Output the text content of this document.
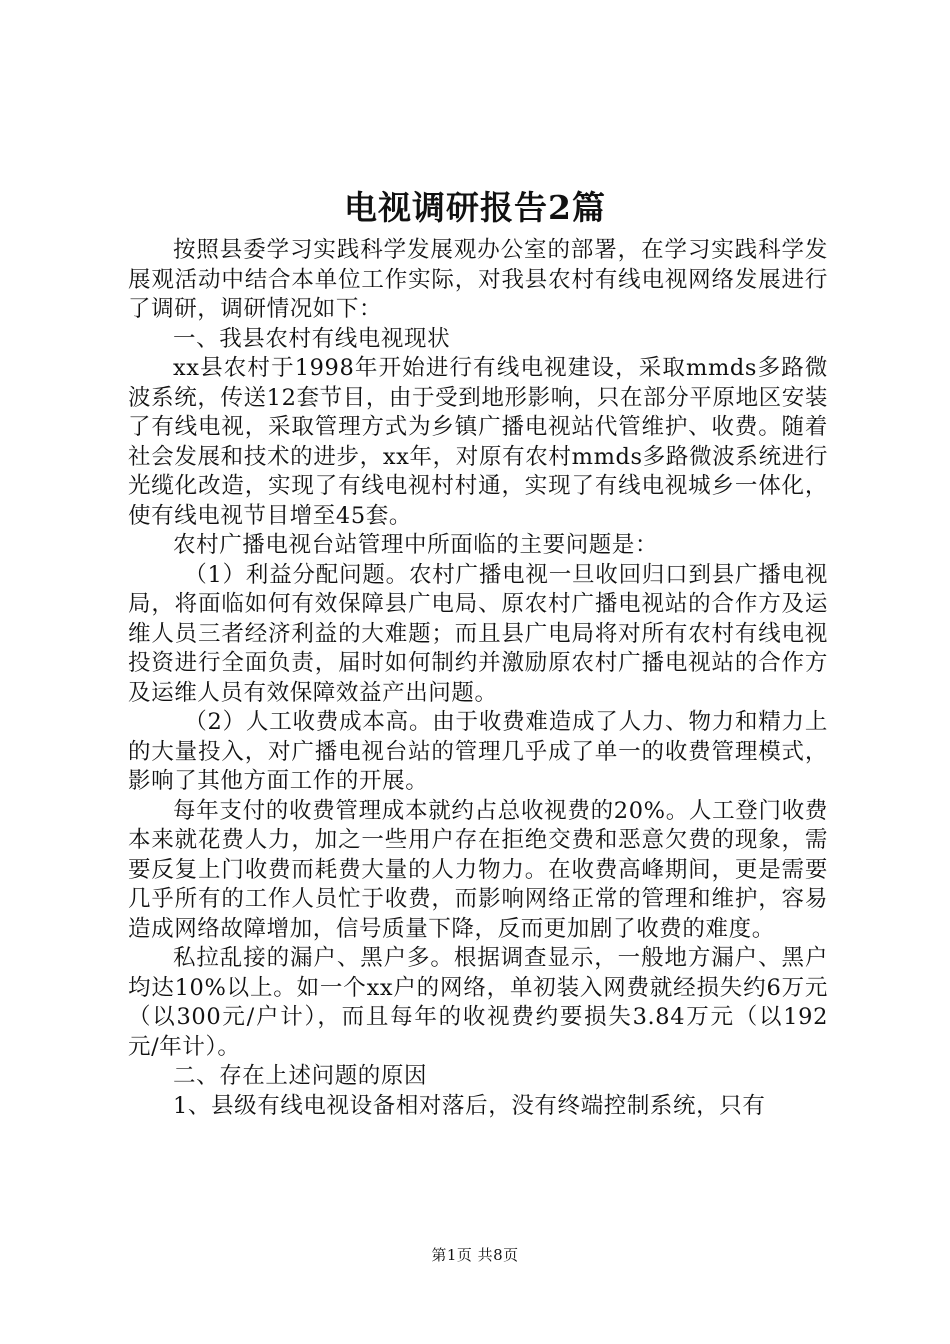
电视调研报告2篇

按照县委学习实践科学发展观办公室的部署，在学习实践科学发展观活动中结合本单位工作实际，对我县农村有线电视网络发展进行了调研，调研情况如下：

一、我县农村有线电视现状

xx县农村于1998年开始进行有线电视建设，采取mmds多路微波系统，传送12套节目，由于受到地形影响，只在部分平原地区安装了有线电视，采取管理方式为乡镇广播电视站代管维护、收费。随着社会发展和技术的进步，xx年，对原有农村mmds多路微波系统进行光缆化改造，实现了有线电视村村通，实现了有线电视城乡一体化，使有线电视节目增至45套。

农村广播电视台站管理中所面临的主要问题是：

（1）利益分配问题。农村广播电视一旦收回归口到县广播电视局，将面临如何有效保障县广电局、原农村广播电视站的合作方及运维人员三者经济利益的大难题；而且县广电局将对所有农村有线电视投资进行全面负责，届时如何制约并激励原农村广播电视站的合作方及运维人员有效保障效益产出问题。

（2）人工收费成本高。由于收费难造成了人力、物力和精力上的大量投入，对广播电视台站的管理几乎成了单一的收费管理模式，影响了其他方面工作的开展。

每年支付的收费管理成本就约占总收视费的20%。人工登门收费本来就花费人力，加之一些用户存在拒绝交费和恶意欠费的现象，需要反复上门收费而耗费大量的人力物力。在收费高峰期间，更是需要几乎所有的工作人员忙于收费，而影响网络正常的管理和维护，容易造成网络故障增加，信号质量下降，反而更加剧了收费的难度。

私拉乱接的漏户、黑户多。根据调查显示，一般地方漏户、黑户均达10%以上。如一个xx户的网络，单初装入网费就经损失约6万元（以300元/户计），而且每年的收视费约要损失3.84万元（以192元/年计）。

二、存在上述问题的原因

1、县级有线电视设备相对落后，没有终端控制系统，只有

第1页 共8页
